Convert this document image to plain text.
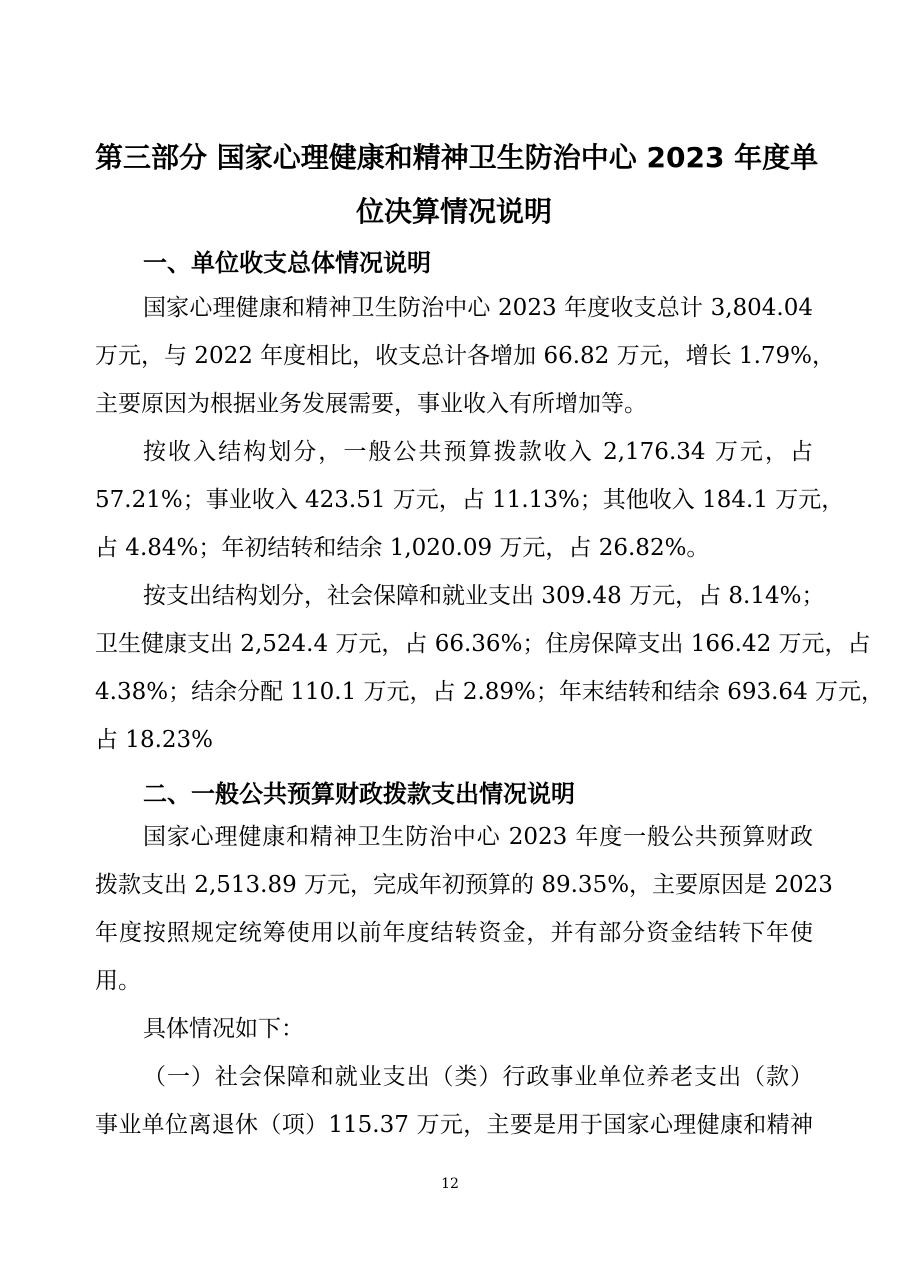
第三部分 国家心理健康和精神卫生防治中心 2023 年度单
位决算情况说明
一、单位收支总体情况说明
国家心理健康和精神卫生防治中心 2023 年度收支总计 3,804.04
万元，与 2022 年度相比，收支总计各增加 66.82 万元，增长 1.79%，
主要原因为根据业务发展需要，事业收入有所增加等。
按收入结构划分，一般公共预算拨款收入 2,176.34 万元，占
57.21%；事业收入 423.51 万元，占 11.13%；其他收入 184.1 万元，
占 4.84%；年初结转和结余 1,020.09 万元，占 26.82%。
按支出结构划分，社会保障和就业支出 309.48 万元，占 8.14%；
卫生健康支出 2,524.4 万元，占 66.36%；住房保障支出 166.42 万元，占
4.38%；结余分配 110.1 万元，占 2.89%；年末结转和结余 693.64 万元，
占 18.23%
二、一般公共预算财政拨款支出情况说明
国家心理健康和精神卫生防治中心 2023 年度一般公共预算财政
拨款支出 2,513.89 万元，完成年初预算的 89.35%，主要原因是 2023
年度按照规定统筹使用以前年度结转资金，并有部分资金结转下年使
用。
具体情况如下：
（一）社会保障和就业支出（类）行政事业单位养老支出（款）
事业单位离退休（项）115.37 万元，主要是用于国家心理健康和精神
12
